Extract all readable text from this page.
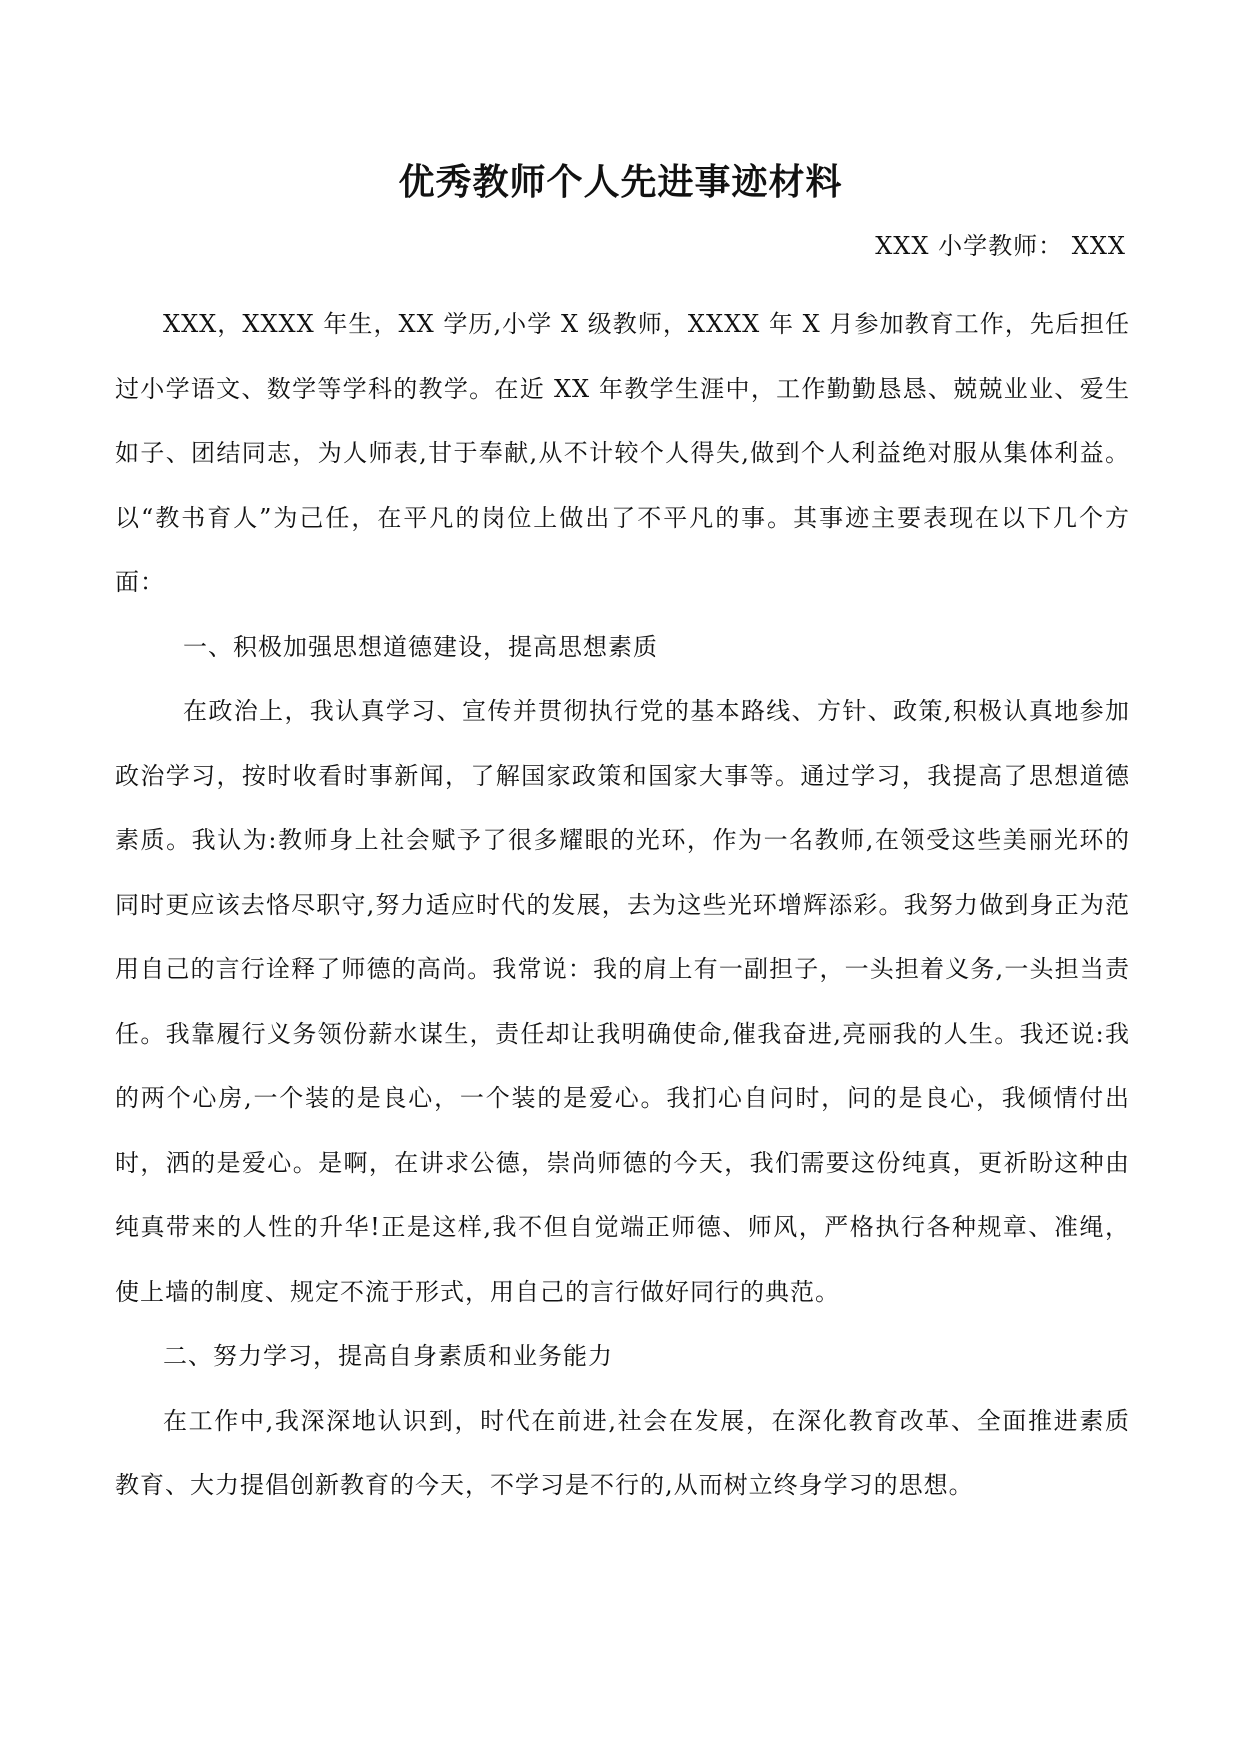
优秀教师个人先进事迹材料
XXX 小学教师： XXX

XXX，XXXX 年生，XX 学历,小学 X 级教师，XXXX 年 X 月参加教育工作，先后担任过小学语文、数学等学科的教学。在近 XX 年教学生涯中，工作勤勤恳恳、兢兢业业、爱生如子、团结同志，为人师表,甘于奉献,从不计较个人得失,做到个人利益绝对服从集体利益。以“教书育人”为己任，在平凡的岗位上做出了不平凡的事。其事迹主要表现在以下几个方面：

一、积极加强思想道德建设，提高思想素质

在政治上，我认真学习、宣传并贯彻执行党的基本路线、方针、政策,积极认真地参加政治学习，按时收看时事新闻，了解国家政策和国家大事等。通过学习，我提高了思想道德素质。我认为:教师身上社会赋予了很多耀眼的光环，作为一名教师,在领受这些美丽光环的同时更应该去恪尽职守,努力适应时代的发展，去为这些光环增辉添彩。我努力做到身正为范用自己的言行诠释了师德的高尚。我常说：我的肩上有一副担子，一头担着义务,一头担当责任。我靠履行义务领份薪水谋生，责任却让我明确使命,催我奋进,亮丽我的人生。我还说:我的两个心房,一个装的是良心，一个装的是爱心。我扪心自问时，问的是良心，我倾情付出时，洒的是爱心。是啊，在讲求公德，崇尚师德的今天，我们需要这份纯真，更祈盼这种由纯真带来的人性的升华!正是这样,我不但自觉端正师德、师风，严格执行各种规章、准绳，使上墙的制度、规定不流于形式，用自己的言行做好同行的典范。

二、努力学习，提高自身素质和业务能力

在工作中,我深深地认识到，时代在前进,社会在发展，在深化教育改革、全面推进素质教育、大力提倡创新教育的今天，不学习是不行的,从而树立终身学习的思想。
